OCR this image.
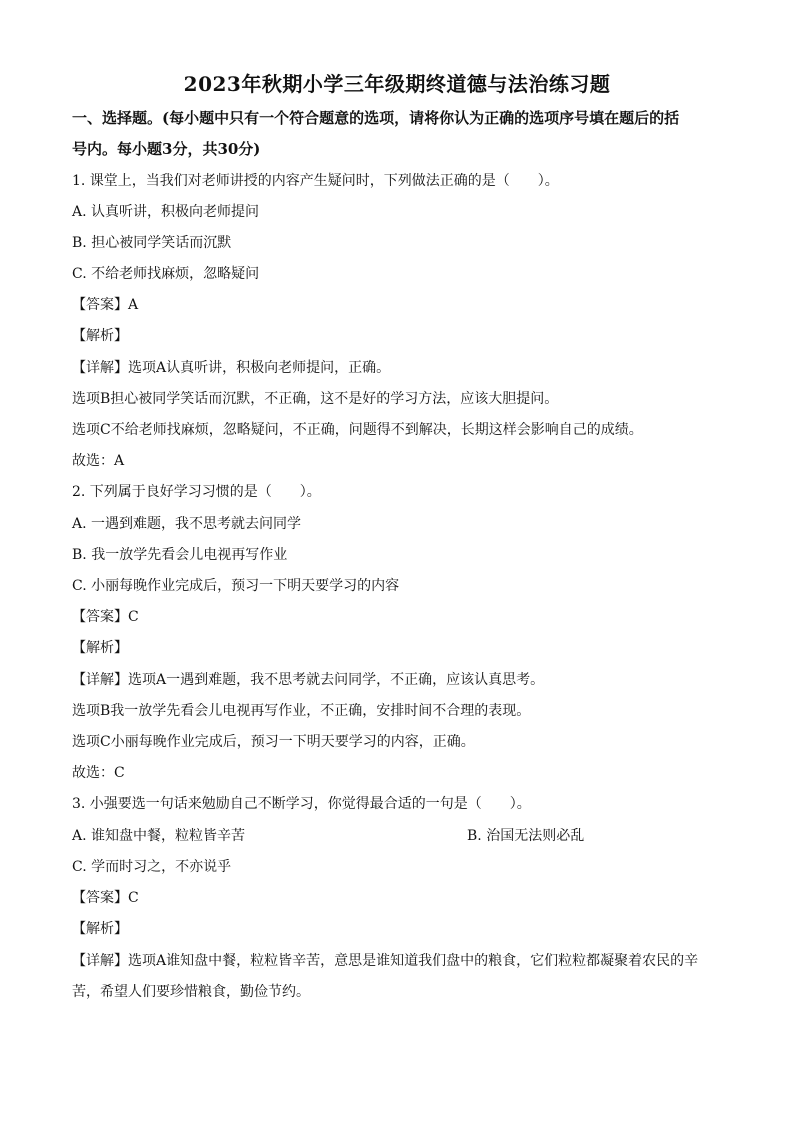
2023年秋期小学三年级期终道德与法治练习题
一、选择题。(每小题中只有一个符合题意的选项，请将你认为正确的选项序号填在题后的括
号内。每小题3分，共30分)
1. 课堂上，当我们对老师讲授的内容产生疑问时，下列做法正确的是（　　）。
A. 认真听讲，积极向老师提问
B. 担心被同学笑话而沉默
C. 不给老师找麻烦，忽略疑问
【答案】A
【解析】
【详解】选项A认真听讲，积极向老师提问，正确。
选项B担心被同学笑话而沉默，不正确，这不是好的学习方法，应该大胆提问。
选项C不给老师找麻烦，忽略疑问，不正确，问题得不到解决，长期这样会影响自己的成绩。
故选：A
2. 下列属于良好学习习惯的是（　　）。
A. 一遇到难题，我不思考就去问同学
B. 我一放学先看会儿电视再写作业
C. 小丽每晚作业完成后，预习一下明天要学习的内容
【答案】C
【解析】
【详解】选项A一遇到难题，我不思考就去问同学，不正确，应该认真思考。
选项B我一放学先看会儿电视再写作业，不正确，安排时间不合理的表现。
选项C小丽每晚作业完成后，预习一下明天要学习的内容，正确。
故选：C
3. 小强要选一句话来勉励自己不断学习，你觉得最合适的一句是（　　）。
A. 谁知盘中餐，粒粒皆辛苦	B. 治国无法则必乱
C. 学而时习之，不亦说乎
【答案】C
【解析】
【详解】选项A谁知盘中餐，粒粒皆辛苦，意思是谁知道我们盘中的粮食，它们粒粒都凝聚着农民的辛
苦，希望人们要珍惜粮食，勤俭节约。
